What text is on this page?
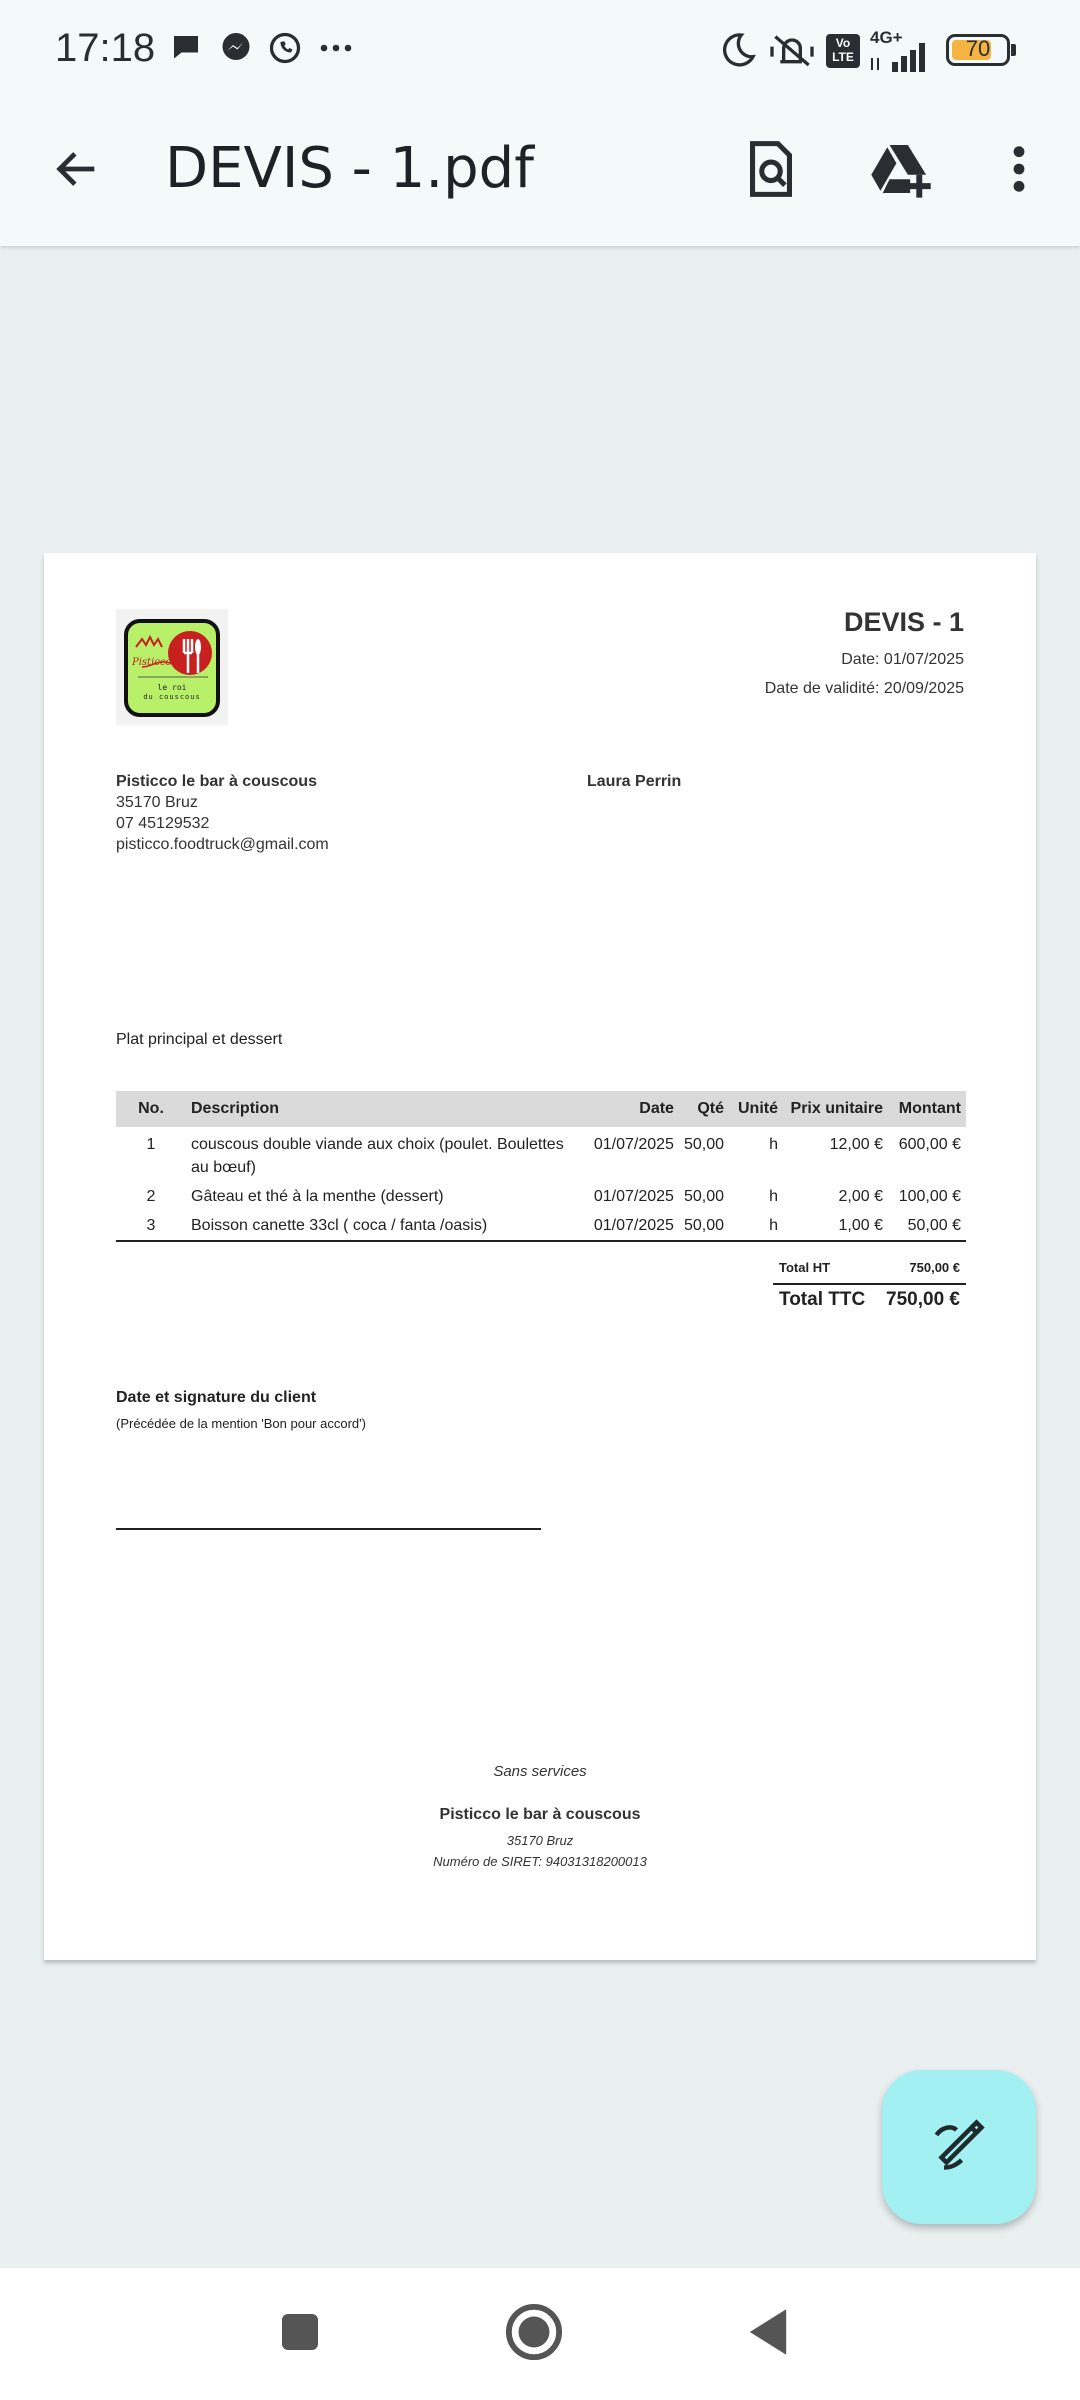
17:18	Vo
LTE
4G+	70
DEVIS - 1.pdf
Pisticco
le roi
du couscous
DEVIS - 1
Date: 01/07/2025
Date de validité: 20/09/2025
Pisticco le bar à couscous
35170 Bruz
07 45129532
pisticco.foodtruck@gmail.com
Laura Perrin
Plat principal et dessert
No.	Description	Date	Qté	Unité	Prix unitaire	Montant
1	couscous double viande aux choix (poulet. Boulettes au bœuf)	01/07/2025	50,00	h	12,00 €	600,00 €
2	Gâteau et thé à la menthe (dessert)	01/07/2025	50,00	h	2,00 €	100,00 €
3	Boisson canette 33cl ( coca / fanta /oasis)	01/07/2025	50,00	h	1,00 €	50,00 €
Total HT	750,00 €
Total TTC 750,00 €
Date et signature du client
(Précédée de la mention 'Bon pour accord')
Sans services
Pisticco le bar à couscous
35170 Bruz
Numéro de SIRET: 94031318200013
